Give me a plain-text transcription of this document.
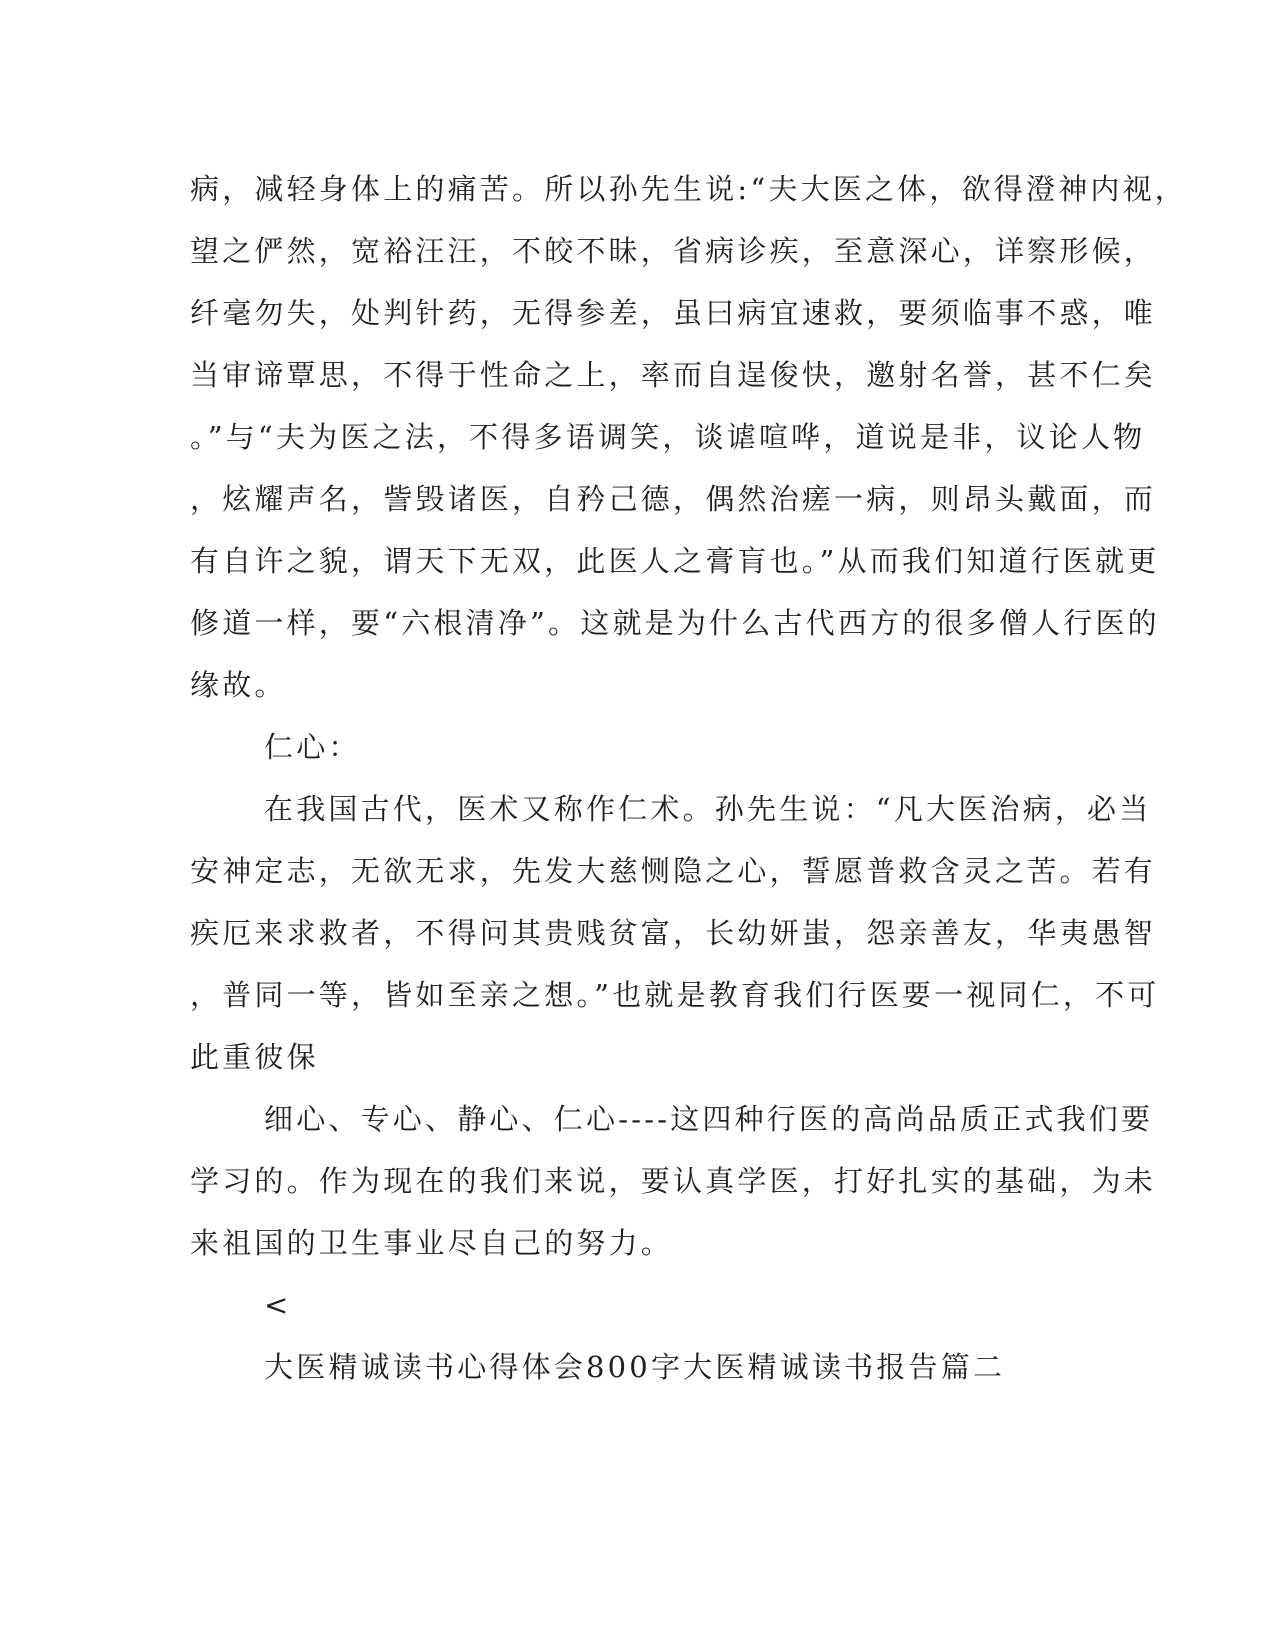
病，减轻身体上的痛苦。所以孙先生说:“夫大医之体，欲得澄神内视，
望之俨然，宽裕汪汪，不皎不昧，省病诊疾，至意深心，详察形候，
纤毫勿失，处判针药，无得参差，虽曰病宜速救，要须临事不惑，唯
当审谛覃思，不得于性命之上，率而自逞俊快，邀射名誉，甚不仁矣
。”与“夫为医之法，不得多语调笑，谈谑喧哗，道说是非，议论人物
，炫耀声名，訾毁诸医，自矜己德，偶然治瘥一病，则昂头戴面，而
有自许之貌，谓天下无双，此医人之膏肓也。”从而我们知道行医就更
修道一样，要“六根清净”。这就是为什么古代西方的很多僧人行医的
缘故。
仁心：
在我国古代，医术又称作仁术。孙先生说：“凡大医治病，必当
安神定志，无欲无求，先发大慈恻隐之心，誓愿普救含灵之苦。若有
疾厄来求救者，不得问其贵贱贫富，长幼妍蚩，怨亲善友，华夷愚智
，普同一等，皆如至亲之想。”也就是教育我们行医要一视同仁，不可
此重彼保
细心、专心、静心、仁心----这四种行医的高尚品质正式我们要
学习的。作为现在的我们来说，要认真学医，打好扎实的基础，为未
来祖国的卫生事业尽自己的努力。
<
大医精诚读书心得体会800字大医精诚读书报告篇二
